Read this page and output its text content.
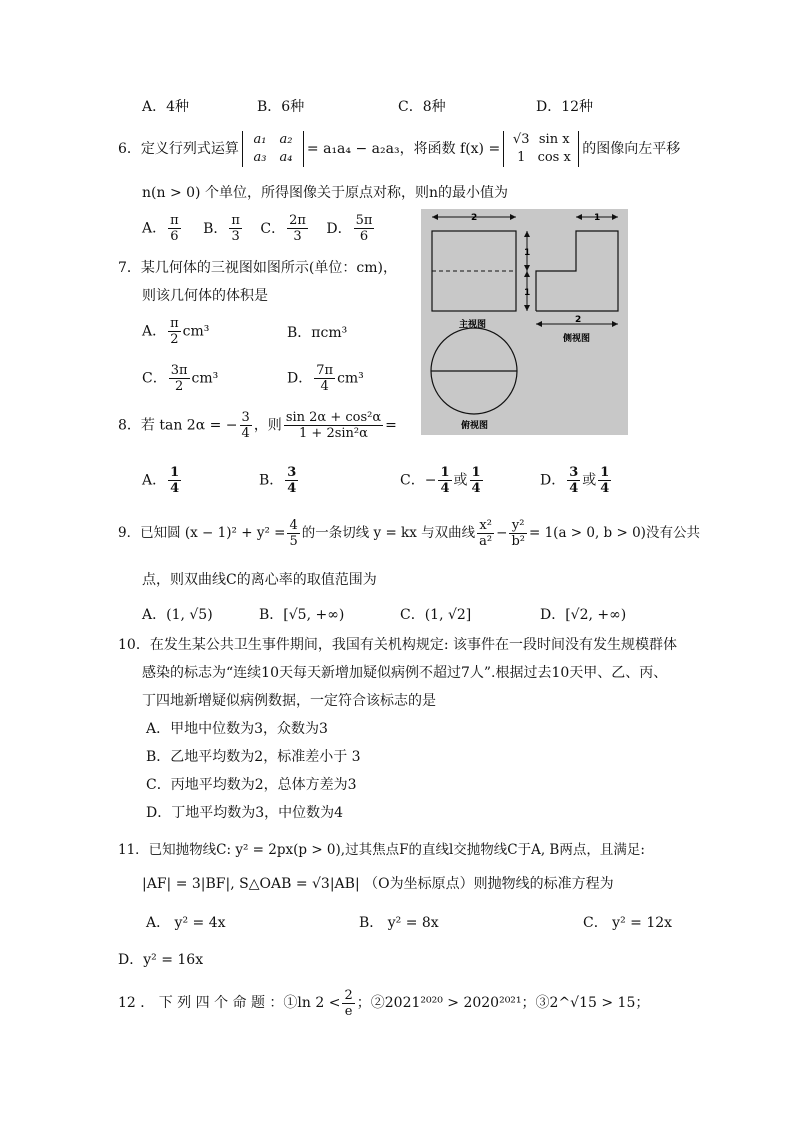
A．4种	B．6种	C．8种	D．12种
6．定义行列式运算a₁ a₂
a₃ a₄= a₁a₄ − a₂a₃，将函数 f(x) =√3 sin x
1 cos x的图像向左平移
n(n > 0) 个单位，所得图像关于原点对称，则n的最小值为
A． $\frac{\pi}{6}$ B． $\frac{\pi}{3}$ C． $\frac{2\pi}{3}$ D． $\frac{5\pi}{6}$
7．某几何体的三视图如图所示(单位：cm)，
则该几何体的体积是
A． $\frac{\pi}{2} cm^3$	B．πcm³
C． $\frac{3\pi}{2} cm^3$	D． $\frac{7\pi}{4} cm^3$
2
主视图
1
1
1
2
侧视图
俯视图
8．若 tan 2α = − $\frac{3}{4}$ ，则 $\frac{\text{sin 2α + cos²α}}{\text{1 + 2sin²α}}$ =
A． $\frac{1}{4}$	B． $\frac{3}{4}$	C．− $\frac{1}{4}$ 或 $\frac{1}{4}$	D． $\frac{3}{4}$ 或 $\frac{1}{4}$
9．已知圆 $(x - 1)^2 + y^2 = \frac{4}{5}$ 的一条切线 y = kx 与双曲线 $\frac{\text{x²}}{\text{a²}} - \frac{\text{y²}}{\text{b²}} = 1(a > 0$, b > 0)没有公共
点，则双曲线C的离心率的取值范围为
A．(1, √5)	B．[√5, +∞)	C．(1, √2]	D．[√2, +∞)
10．在发生某公共卫生事件期间，我国有关机构规定: 该事件在一段时间没有发生规模群体
感染的标志为“连续10天每天新增加疑似病例不超过7人”.根据过去10天甲、乙、丙、
丁四地新增疑似病例数据，一定符合该标志的是
A．甲地中位数为3，众数为3
B．乙地平均数为2，标准差小于 3
C．丙地平均数为2，总体方差为3
D．丁地平均数为3，中位数为4
11．已知抛物线C: y² = 2px(p > 0),过其焦点F的直线l交抛物线C于A, B两点，且满足:
|AF| = 3|BF|, S△OAB = √3|AB| （O为坐标原点）则抛物线的标准方程为
A． y² = 4x	B． y² = 8x	C． y² = 12x
D．y² = 16x
12 ． 下 列 四 个 命 题 ：①ln $2 < \frac{2}{e}$ ；②2021²⁰²⁰ > 2020²⁰²¹；③2^√15 > 15；
